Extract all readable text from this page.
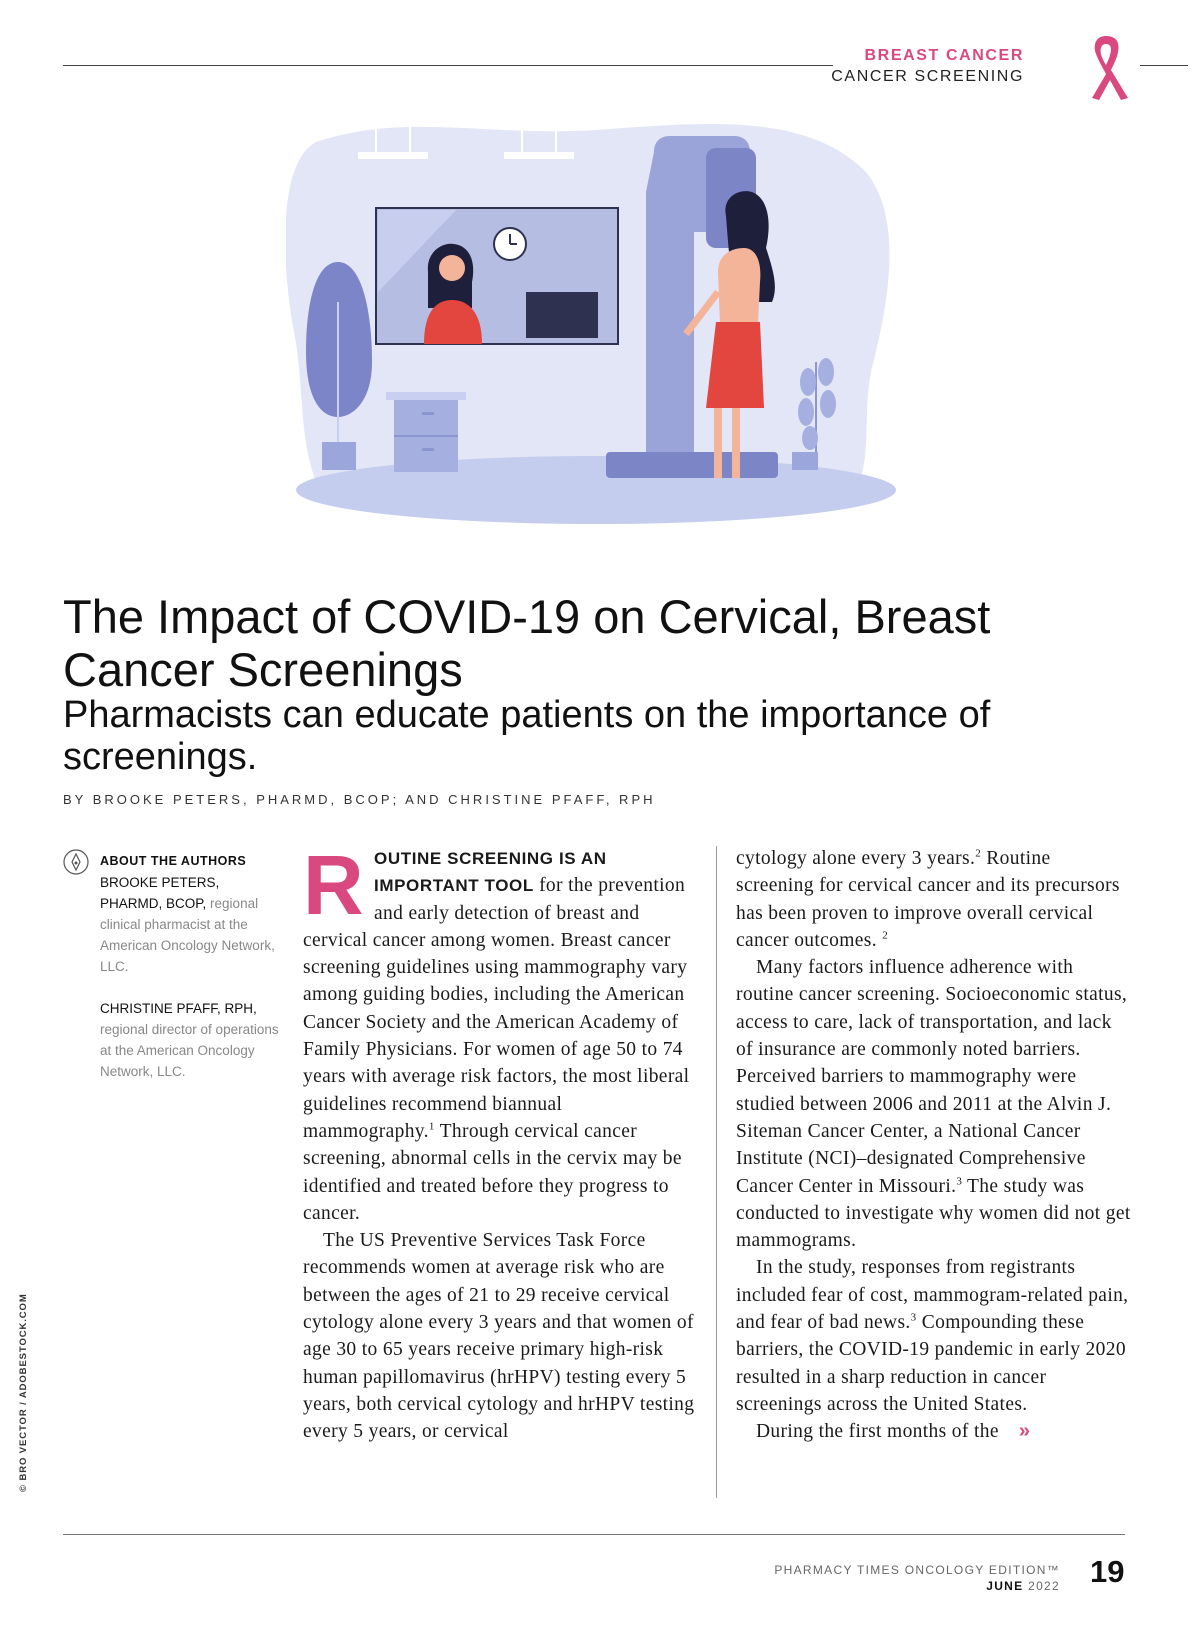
BREAST CANCER
CANCER SCREENING
The Impact of COVID-19 on Cervical, Breast Cancer Screenings
Pharmacists can educate patients on the importance of screenings.
BY BROOKE PETERS, PHARMD, BCOP; AND CHRISTINE PFAFF, RPH
ABOUT THE AUTHORS

BROOKE PETERS, PHARMD, BCOP, regional clinical pharmacist at the American Oncology Network, LLC.

CHRISTINE PFAFF, RPH, regional director of operations at the American Oncology Network, LLC.

R OUTINE SCREENING IS AN IMPORTANT TOOL for the prevention and early detection of breast and cervical cancer among women. Breast cancer screening guidelines using mammography vary among guiding bodies, including the American Cancer Society and the American Academy of Family Physicians. For women of age 50 to 74 years with average risk factors, the most liberal guidelines recommend biannual mammography.$^1$ Through cervical cancer screening, abnormal cells in the cervix may be identified and treated before they progress to cancer.

The US Preventive Services Task Force recommends women at average risk who are between the ages of 21 to 29 receive cervical cytology alone every 3 years and that women of age 30 to 65 years receive primary high-risk human papillomavirus (hrHPV) testing every 5 years, both cervical cytology and hrHPV testing every 5 years, or cervical

cytology alone every 3 years.$^2$ Routine screening for cervical cancer and its precursors has been proven to improve overall cervical cancer outcomes. $^2$

Many factors influence adherence with routine cancer screening. Socioeconomic status, access to care, lack of transportation, and lack of insurance are commonly noted barriers. Perceived barriers to mammography were studied between 2006 and 2011 at the Alvin J. Siteman Cancer Center, a National Cancer Institute (NCI)–designated Comprehensive Cancer Center in Missouri.$^3$ The study was conducted to investigate why women did not get mammograms.

In the study, responses from registrants included fear of cost, mammogram-related pain, and fear of bad news.$^3$ Compounding these barriers, the COVID-19 pandemic in early 2020 resulted in a sharp reduction in cancer screenings across the United States.

During the first months of the »

© BRO VECTOR / ADOBESTOCK.COM
PHARMACY TIMES ONCOLOGY EDITION™
JUNE 2022 19
